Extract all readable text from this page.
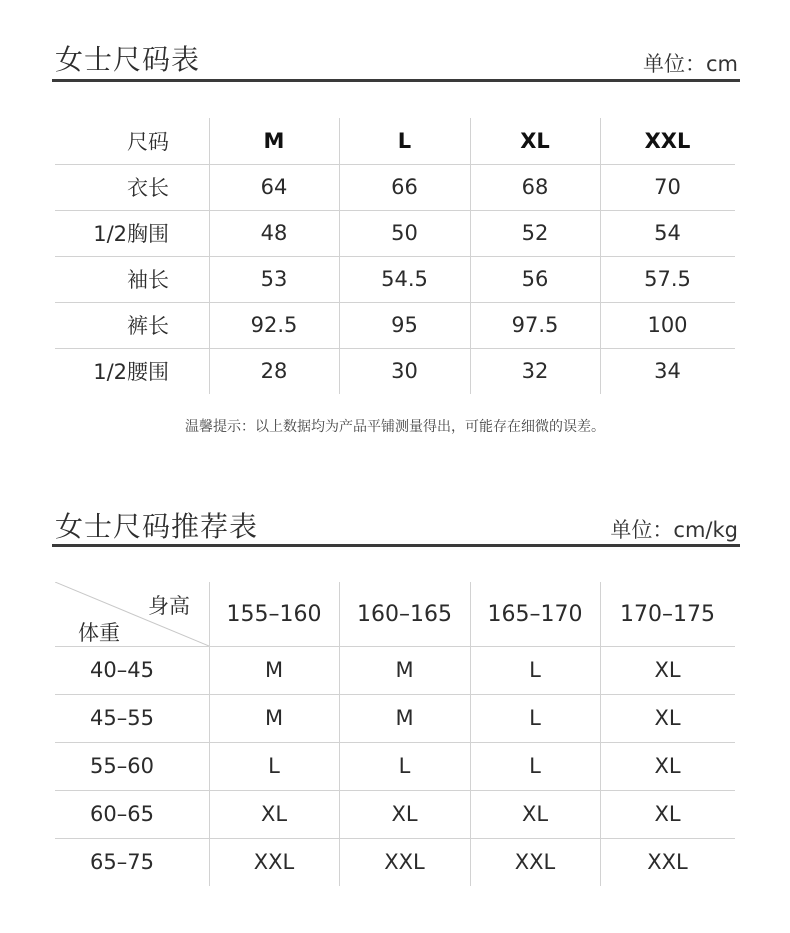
女士尺码表	单位：cm
尺码	M	L	XL	XXL
衣长	64	66	68	70
1/2胸围	48	50	52	54
袖长	53	54.5	56	57.5
裤长	92.5	95	97.5	100
1/2腰围	28	30	32	34
温馨提示：以上数据均为产品平铺测量得出，可能存在细微的误差。
女士尺码推荐表	单位：cm/kg
身高
体重
155–160	160–165	165–170	170–175
40–45	M	M	L	XL
45–55	M	M	L	XL
55–60	L	L	L	XL
60–65	XL	XL	XL	XL
65–75	XXL	XXL	XXL	XXL
